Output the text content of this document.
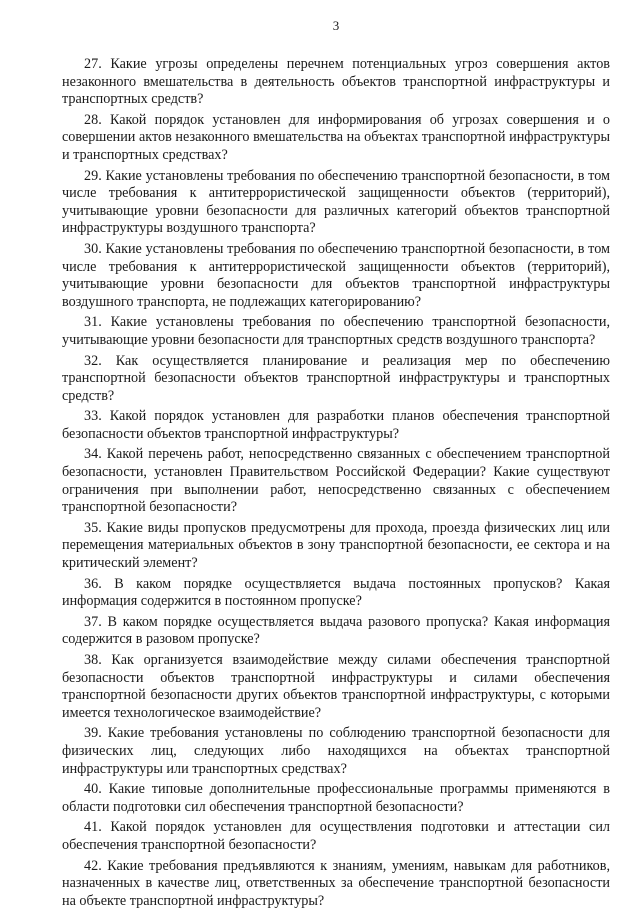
3

27. Какие угрозы определены перечнем потенциальных угроз совершения актов незаконного вмешательства в деятельность объектов транспортной инфраструктуры и транспортных средств?

28. Какой порядок установлен для информирования об угрозах совершения и о совершении актов незаконного вмешательства на объектах транспортной инфраструктуры и транспортных средствах?

29. Какие установлены требования по обеспечению транспортной безопасности, в том числе требования к антитеррористической защищенности объектов (территорий), учитывающие уровни безопасности для различных категорий объектов транспортной инфраструктуры воздушного транспорта?

30. Какие установлены требования по обеспечению транспортной безопасности, в том числе требования к антитеррористической защищенности объектов (территорий), учитывающие уровни безопасности для объектов транспортной инфраструктуры воздушного транспорта, не подлежащих категорированию?

31. Какие установлены требования по обеспечению транспортной безопасности, учитывающие уровни безопасности для транспортных средств воздушного транспорта?

32. Как осуществляется планирование и реализация мер по обеспечению транспортной безопасности объектов транспортной инфраструктуры и транспортных средств?

33. Какой порядок установлен для разработки планов обеспечения транспортной безопасности объектов транспортной инфраструктуры?

34. Какой перечень работ, непосредственно связанных с обеспечением транспортной безопасности, установлен Правительством Российской Федерации? Какие существуют ограничения при выполнении работ, непосредственно связанных с обеспечением транспортной безопасности?

35. Какие виды пропусков предусмотрены для прохода, проезда физических лиц или перемещения материальных объектов в зону транспортной безопасности, ее сектора и на критический элемент?

36. В каком порядке осуществляется выдача постоянных пропусков? Какая информация содержится в постоянном пропуске?

37. В каком порядке осуществляется выдача разового пропуска? Какая информация содержится в разовом пропуске?

38. Как организуется взаимодействие между силами обеспечения транспортной безопасности объектов транспортной инфраструктуры и силами обеспечения транспортной безопасности других объектов транспортной инфраструктуры, с которыми имеется технологическое взаимодействие?

39. Какие требования установлены по соблюдению транспортной безопасности для физических лиц, следующих либо находящихся на объектах транспортной инфраструктуры или транспортных средствах?

40. Какие типовые дополнительные профессиональные программы применяются в области подготовки сил обеспечения транспортной безопасности?

41. Какой порядок установлен для осуществления подготовки и аттестации сил обеспечения транспортной безопасности?

42. Какие требования предъявляются к знаниям, умениям, навыкам для работников, назначенных в качестве лиц, ответственных за обеспечение транспортной безопасности на объекте транспортной инфраструктуры?
